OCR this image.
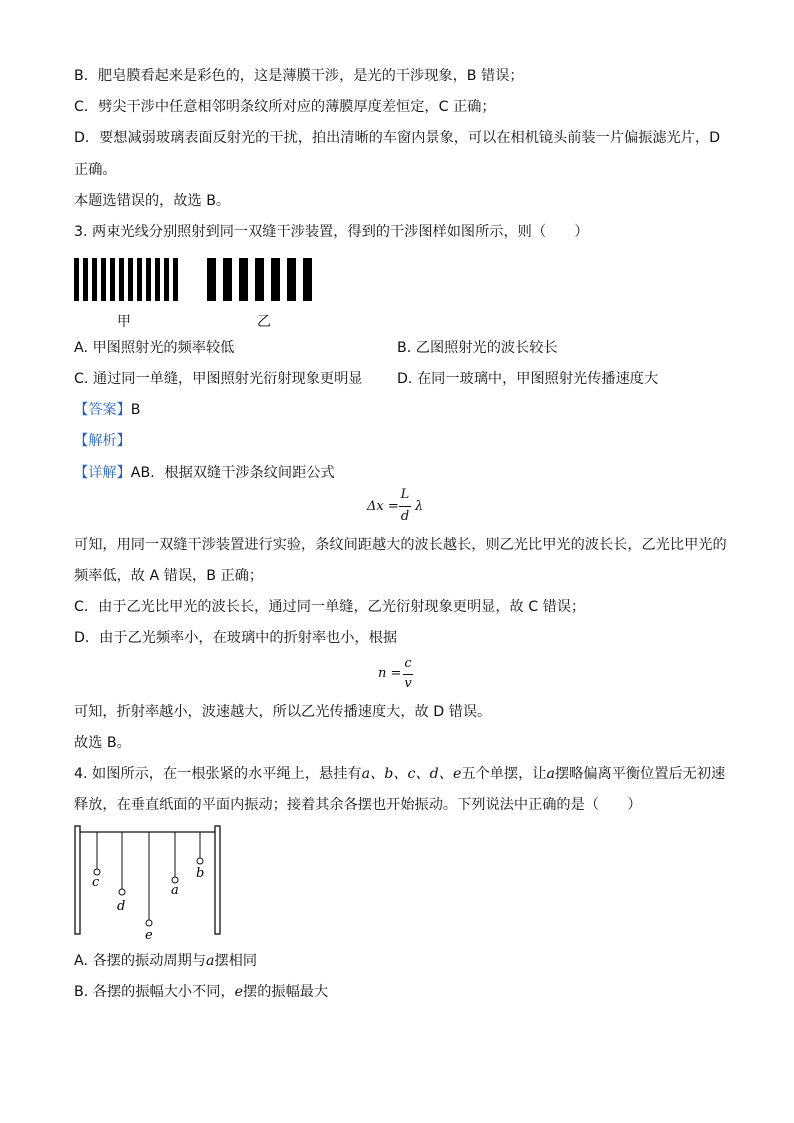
B．肥皂膜看起来是彩色的，这是薄膜干涉，是光的干涉现象，B 错误；
C．劈尖干涉中任意相邻明条纹所对应的薄膜厚度差恒定，C 正确；
D．要想减弱玻璃表面反射光的干扰，拍出清晰的车窗内景象，可以在相机镜头前装一片偏振滤光片，D
正确。
本题选错误的，故选 B。
3. 两束光线分别照射到同一双缝干涉装置，得到的干涉图样如图所示，则（　　）
甲	乙
A. 甲图照射光的频率较低	B. 乙图照射光的波长较长
C. 通过同一单缝，甲图照射光衍射现象更明显 D. 在同一玻璃中，甲图照射光传播速度大
【答案】B
【解析】
【详解】AB．根据双缝干涉条纹间距公式
Δx =
L
d
λ
可知，用同一双缝干涉装置进行实验，条纹间距越大的波长越长，则乙光比甲光的波长长，乙光比甲光的
频率低，故 A 错误，B 正确；
C．由于乙光比甲光的波长长，通过同一单缝，乙光衍射现象更明显，故 C 错误；
D．由于乙光频率小，在玻璃中的折射率也小，根据
n =
c
v
可知，折射率越小，波速越大，所以乙光传播速度大，故 D 错误。
故选 B。
4. 如图所示，在一根张紧的水平绳上，悬挂有a、b、c、d、e五个单摆，让a摆略偏离平衡位置后无初速
释放，在垂直纸面的平面内振动；接着其余各摆也开始振动。下列说法中正确的是（　　）
c
d
e
a
b
A. 各摆的振动周期与a摆相同
B. 各摆的振幅大小不同，e摆的振幅最大
